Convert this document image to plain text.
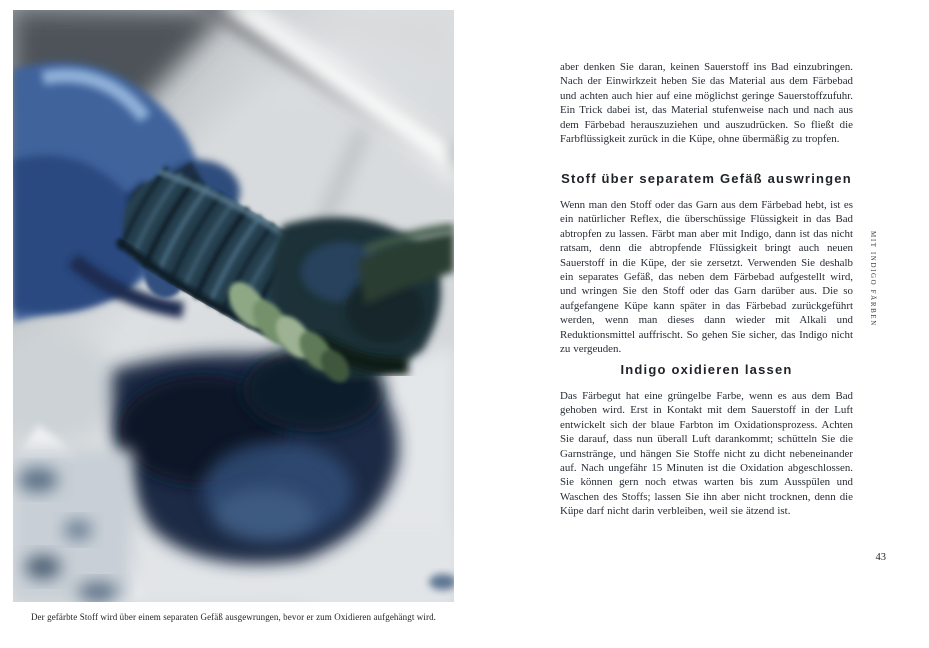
Der gefärbte Stoff wird über einem separaten Gefäß ausgewrungen, bevor er zum Oxidieren aufgehängt wird.

aber denken Sie daran, keinen Sauerstoff ins Bad einzubringen. Nach der Einwirkzeit heben Sie das Material aus dem Färbebad und achten auch hier auf eine möglichst geringe Sauerstoffzufuhr. Ein Trick dabei ist, das Material stufenweise nach und nach aus dem Färbebad herauszuziehen und auszudrücken. So fließt die Farbflüssigkeit zurück in die Küpe, ohne übermäßig zu tropfen.

Stoff über separatem Gefäß auswringen

Wenn man den Stoff oder das Garn aus dem Färbebad hebt, ist es ein natürlicher Reflex, die überschüssige Flüssigkeit in das Bad abtropfen zu lassen. Färbt man aber mit Indigo, dann ist das nicht ratsam, denn die abtropfende Flüssigkeit bringt auch neuen Sauerstoff in die Küpe, der sie zersetzt. Verwenden Sie deshalb ein separates Gefäß, das neben dem Färbebad aufgestellt wird, und wringen Sie den Stoff oder das Garn darüber aus. Die so aufgefangene Küpe kann später in das Färbebad zurückgeführt werden, wenn man dieses dann wieder mit Alkali und Reduktionsmittel auffrischt. So gehen Sie sicher, das Indigo nicht zu vergeuden.

Indigo oxidieren lassen

Das Färbegut hat eine grüngelbe Farbe, wenn es aus dem Bad gehoben wird. Erst in Kontakt mit dem Sauerstoff in der Luft entwickelt sich der blaue Farbton im Oxidationsprozess. Achten Sie darauf, dass nun überall Luft darankommt; schütteln Sie die Garnstränge, und hängen Sie Stoffe nicht zu dicht nebeneinander auf. Nach ungefähr 15 Minuten ist die Oxidation abgeschlossen. Sie können gern noch etwas warten bis zum Ausspülen und Waschen des Stoffs; lassen Sie ihn aber nicht trocknen, denn die Küpe darf nicht darin verbleiben, weil sie ätzend ist.

MIT INDIGO FÄRBEN
43
